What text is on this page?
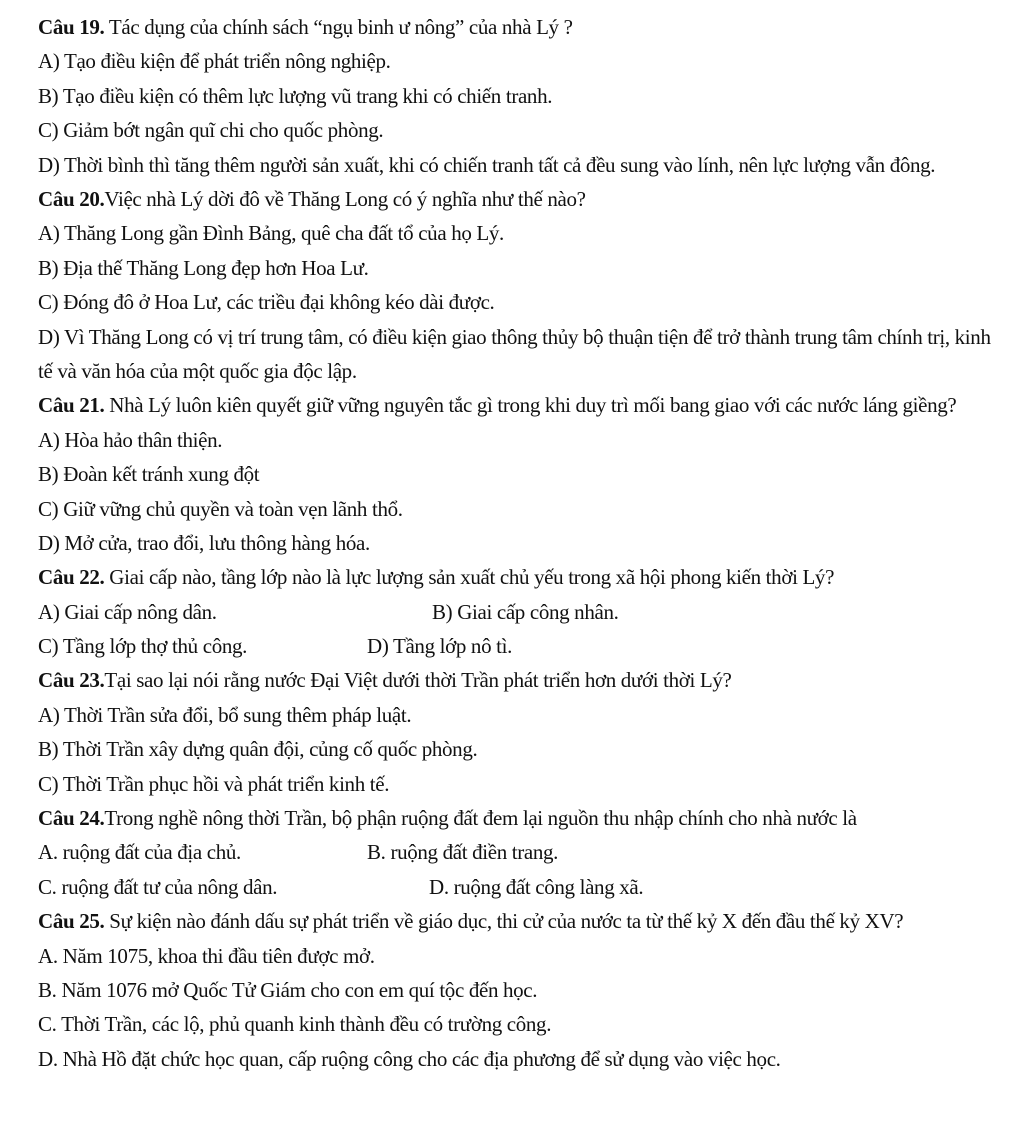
Câu 19. Tác dụng của chính sách “ngụ binh ư nông” của nhà Lý ?
A) Tạo điều kiện để phát triển nông nghiệp.
B) Tạo điều kiện có thêm lực lượng vũ trang khi có chiến tranh.
C) Giảm bớt ngân quĩ chi cho quốc phòng.
D) Thời bình thì tăng thêm người sản xuất, khi có chiến tranh tất cả đều sung vào lính, nên lực lượng vẫn đông.
Câu 20.Việc nhà Lý dời đô về Thăng Long có ý nghĩa như thế nào?
A) Thăng Long gần Đình Bảng, quê cha đất tổ của họ Lý.
B) Địa thế Thăng Long đẹp hơn Hoa Lư.
C) Đóng đô ở Hoa Lư, các triều đại không kéo dài được.
D) Vì Thăng Long có vị trí trung tâm, có điều kiện giao thông thủy bộ thuận tiện để trở thành trung tâm chính trị, kinh tế và văn hóa của một quốc gia độc lập.
Câu 21. Nhà Lý luôn kiên quyết giữ vững nguyên tắc gì trong khi duy trì mối bang giao với các nước láng giềng?
A) Hòa hảo thân thiện.
B) Đoàn kết tránh xung đột
C) Giữ vững chủ quyền và toàn vẹn lãnh thổ.
D) Mở cửa, trao đổi, lưu thông hàng hóa.
Câu 22. Giai cấp nào, tầng lớp nào là lực lượng sản xuất chủ yếu trong xã hội phong kiến thời Lý?
A) Giai cấp nông dân.	B) Giai cấp công nhân.
C) Tầng lớp thợ thủ công.	D) Tầng lớp nô tì.
Câu 23.Tại sao lại nói rằng nước Đại Việt dưới thời Trần phát triển hơn dưới thời Lý?
A) Thời Trần sửa đổi, bổ sung thêm pháp luật.
B) Thời Trần xây dựng quân đội, củng cố quốc phòng.
C) Thời Trần phục hồi và phát triển kinh tế.
Câu 24.Trong nghề nông thời Trần, bộ phận ruộng đất đem lại nguồn thu nhập chính cho nhà nước là
A. ruộng đất của địa chủ.	B. ruộng đất điền trang.
C. ruộng đất tư của nông dân.	D. ruộng đất công làng xã.
Câu 25. Sự kiện nào đánh dấu sự phát triển về giáo dục, thi cử của nước ta từ thế kỷ X đến đầu thế kỷ XV?
A. Năm 1075, khoa thi đầu tiên được mở.
B. Năm 1076 mở Quốc Tử Giám cho con em quí tộc đến học.
C. Thời Trần, các lộ, phủ quanh kinh thành đều có trường công.
D. Nhà Hồ đặt chức học quan, cấp ruộng công cho các địa phương để sử dụng vào việc học.
